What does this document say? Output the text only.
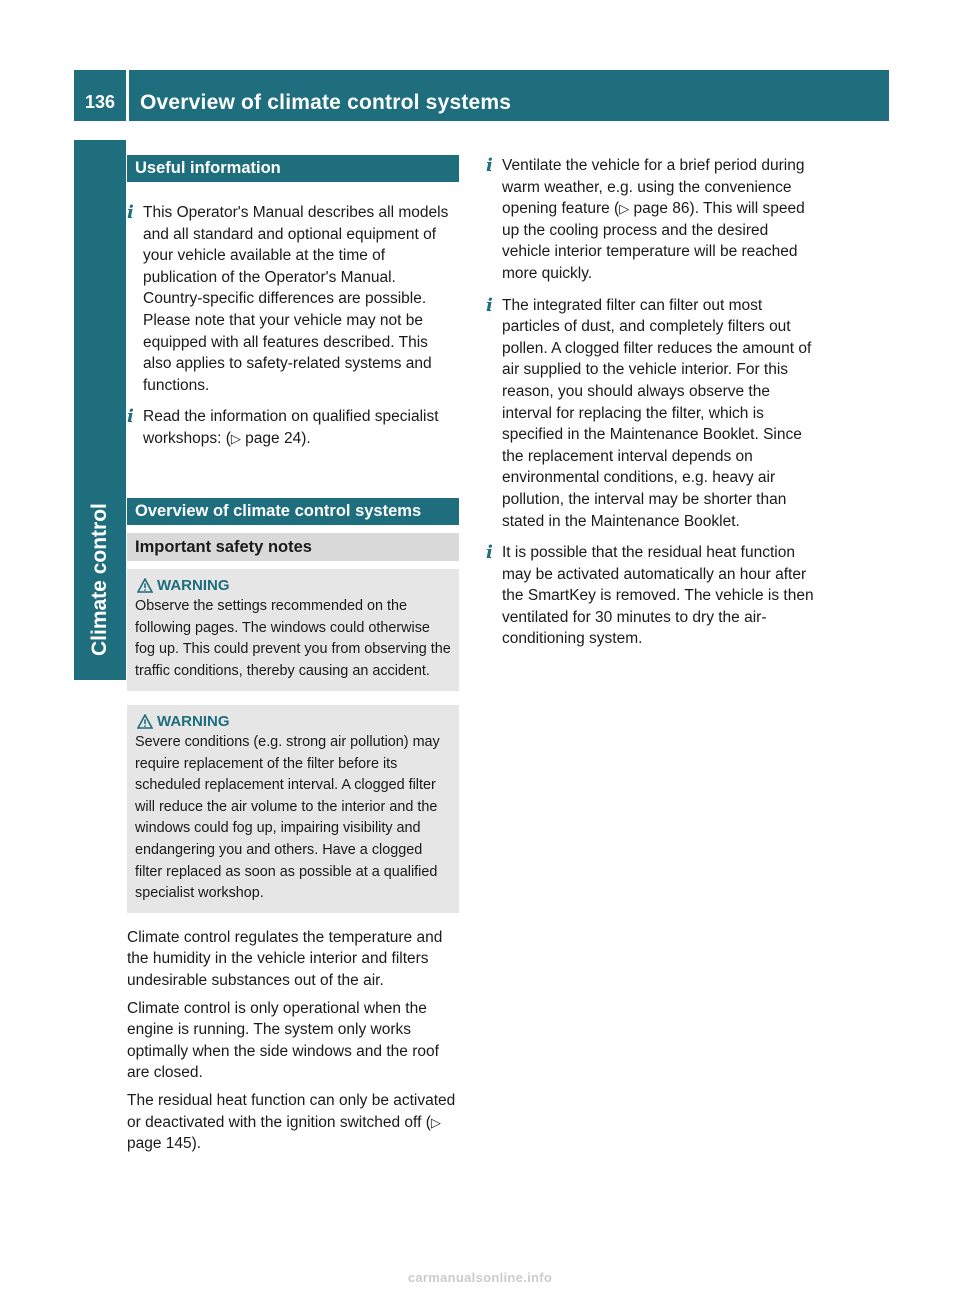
136	Overview of climate control systems
Climate control
Useful information
i This Operator's Manual describes all models and all standard and optional equipment of your vehicle available at the time of publication of the Operator's Manual. Country-specific differences are possible. Please note that your vehicle may not be equipped with all features described. This also applies to safety-related systems and functions.
i Read the information on qualified specialist workshops: (▷ page 24).
Overview of climate control systems
Important safety notes
WARNING
Observe the settings recommended on the following pages. The windows could otherwise fog up. This could prevent you from observing the traffic conditions, thereby causing an accident.
WARNING
Severe conditions (e.g. strong air pollution) may require replacement of the filter before its scheduled replacement interval. A clogged filter will reduce the air volume to the interior and the windows could fog up, impairing visibility and endangering you and others. Have a clogged filter replaced as soon as possible at a qualified specialist workshop.
Climate control regulates the temperature and the humidity in the vehicle interior and filters undesirable substances out of the air.
Climate control is only operational when the engine is running. The system only works optimally when the side windows and the roof are closed.
The residual heat function can only be activated or deactivated with the ignition switched off (▷ page 145).
i Ventilate the vehicle for a brief period during warm weather, e.g. using the convenience opening feature (▷ page 86). This will speed up the cooling process and the desired vehicle interior temperature will be reached more quickly.
i The integrated filter can filter out most particles of dust, and completely filters out pollen. A clogged filter reduces the amount of air supplied to the vehicle interior. For this reason, you should always observe the interval for replacing the filter, which is specified in the Maintenance Booklet. Since the replacement interval depends on environmental conditions, e.g. heavy air pollution, the interval may be shorter than stated in the Maintenance Booklet.
i It is possible that the residual heat function may be activated automatically an hour after the SmartKey is removed. The vehicle is then ventilated for 30 minutes to dry the air-conditioning system.
carmanualsonline.info
